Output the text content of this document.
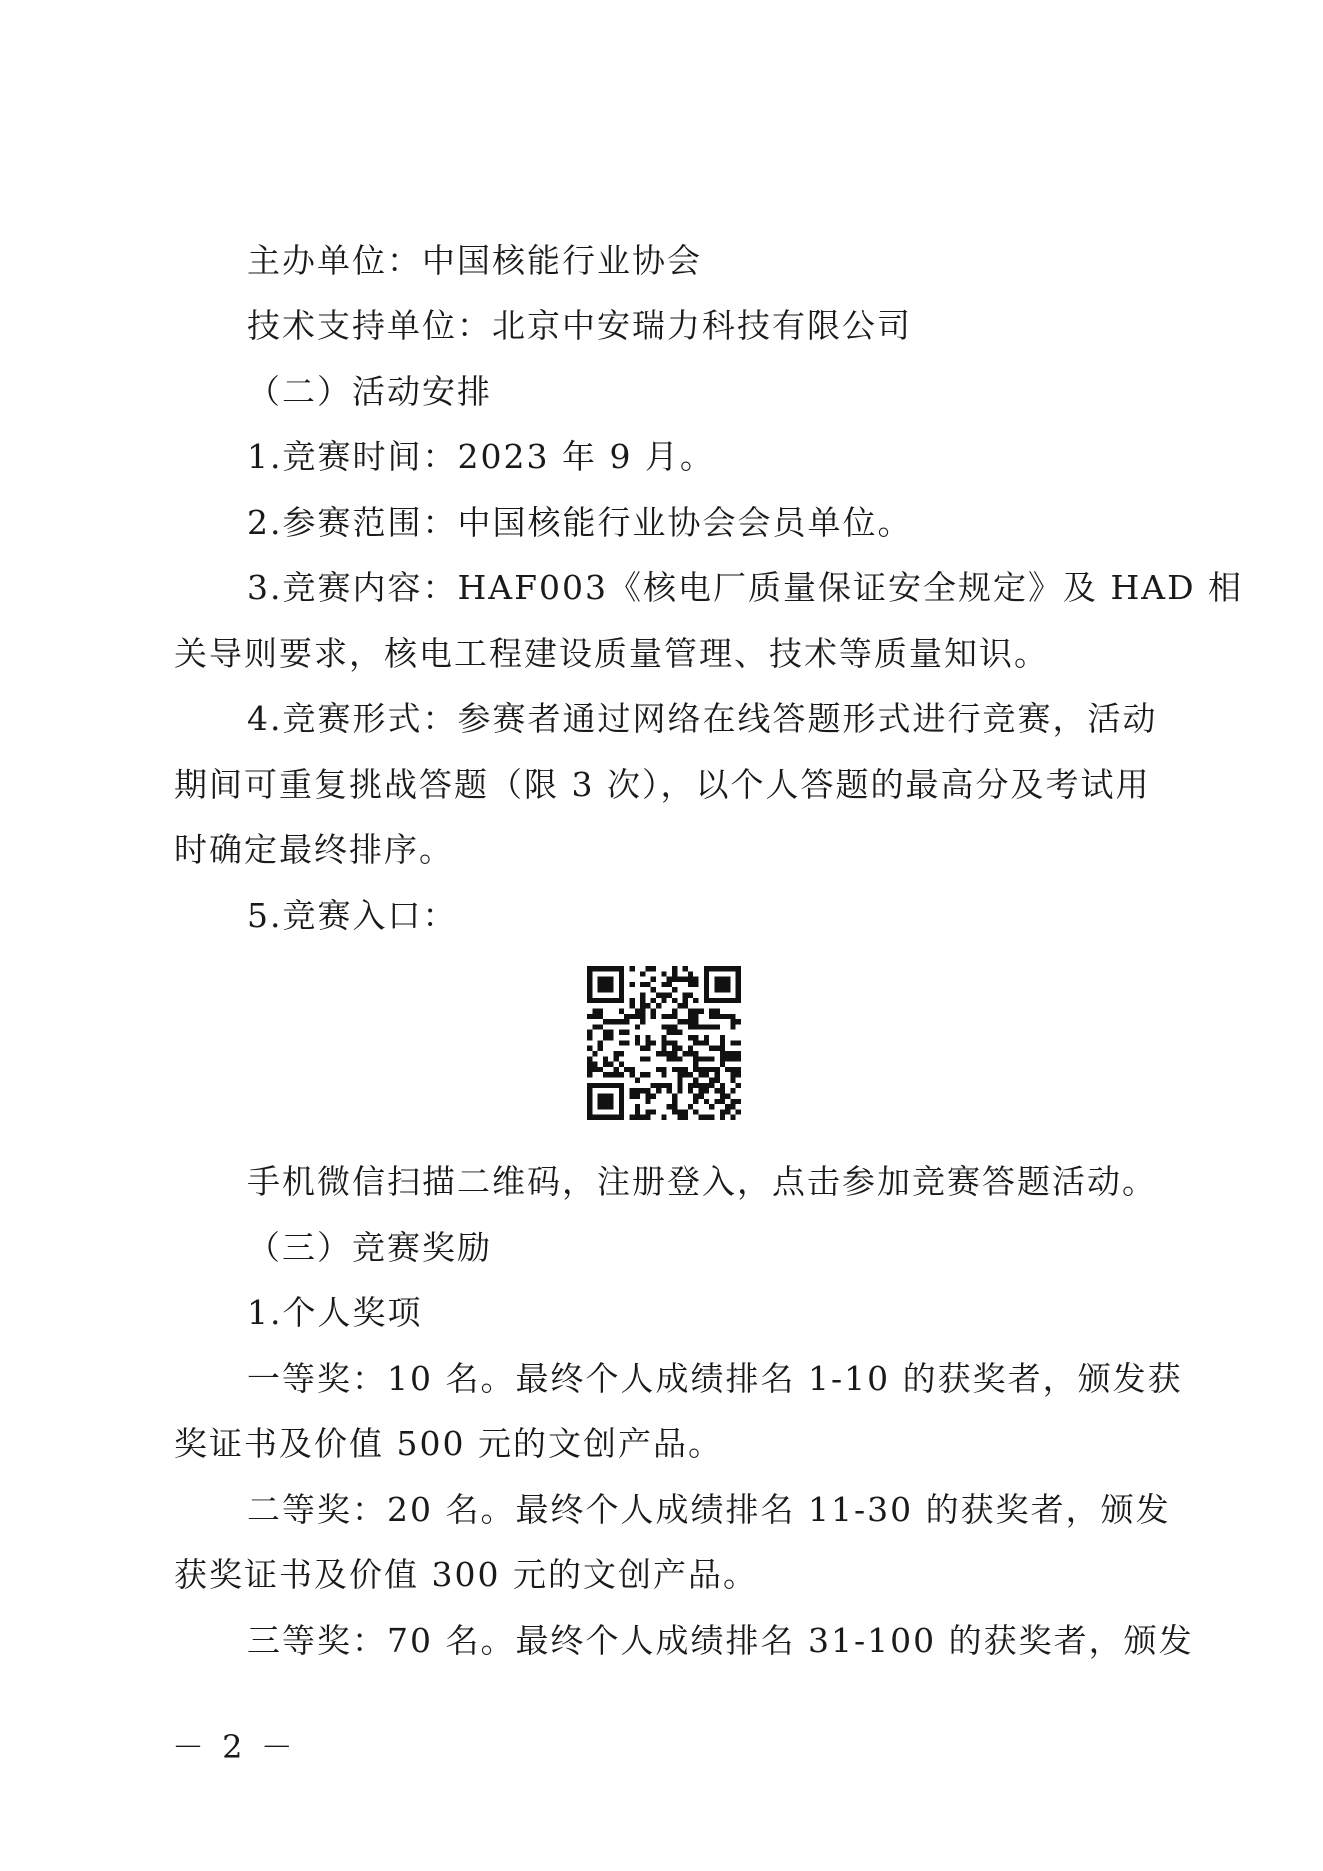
主办单位：中国核能行业协会
技术支持单位：北京中安瑞力科技有限公司
（二）活动安排
1.竞赛时间：2023 年 9 月。
2.参赛范围：中国核能行业协会会员单位。
3.竞赛内容：HAF003《核电厂质量保证安全规定》及 HAD 相
关导则要求，核电工程建设质量管理、技术等质量知识。
4.竞赛形式：参赛者通过网络在线答题形式进行竞赛，活动
期间可重复挑战答题（限 3 次），以个人答题的最高分及考试用
时确定最终排序。
5.竞赛入口：
手机微信扫描二维码，注册登入，点击参加竞赛答题活动。
（三）竞赛奖励
1.个人奖项
一等奖：10 名。最终个人成绩排名 1-10 的获奖者，颁发获
奖证书及价值 500 元的文创产品。
二等奖：20 名。最终个人成绩排名 11-30 的获奖者，颁发
获奖证书及价值 300 元的文创产品。
三等奖：70 名。最终个人成绩排名 31-100 的获奖者，颁发
－ 2 －
